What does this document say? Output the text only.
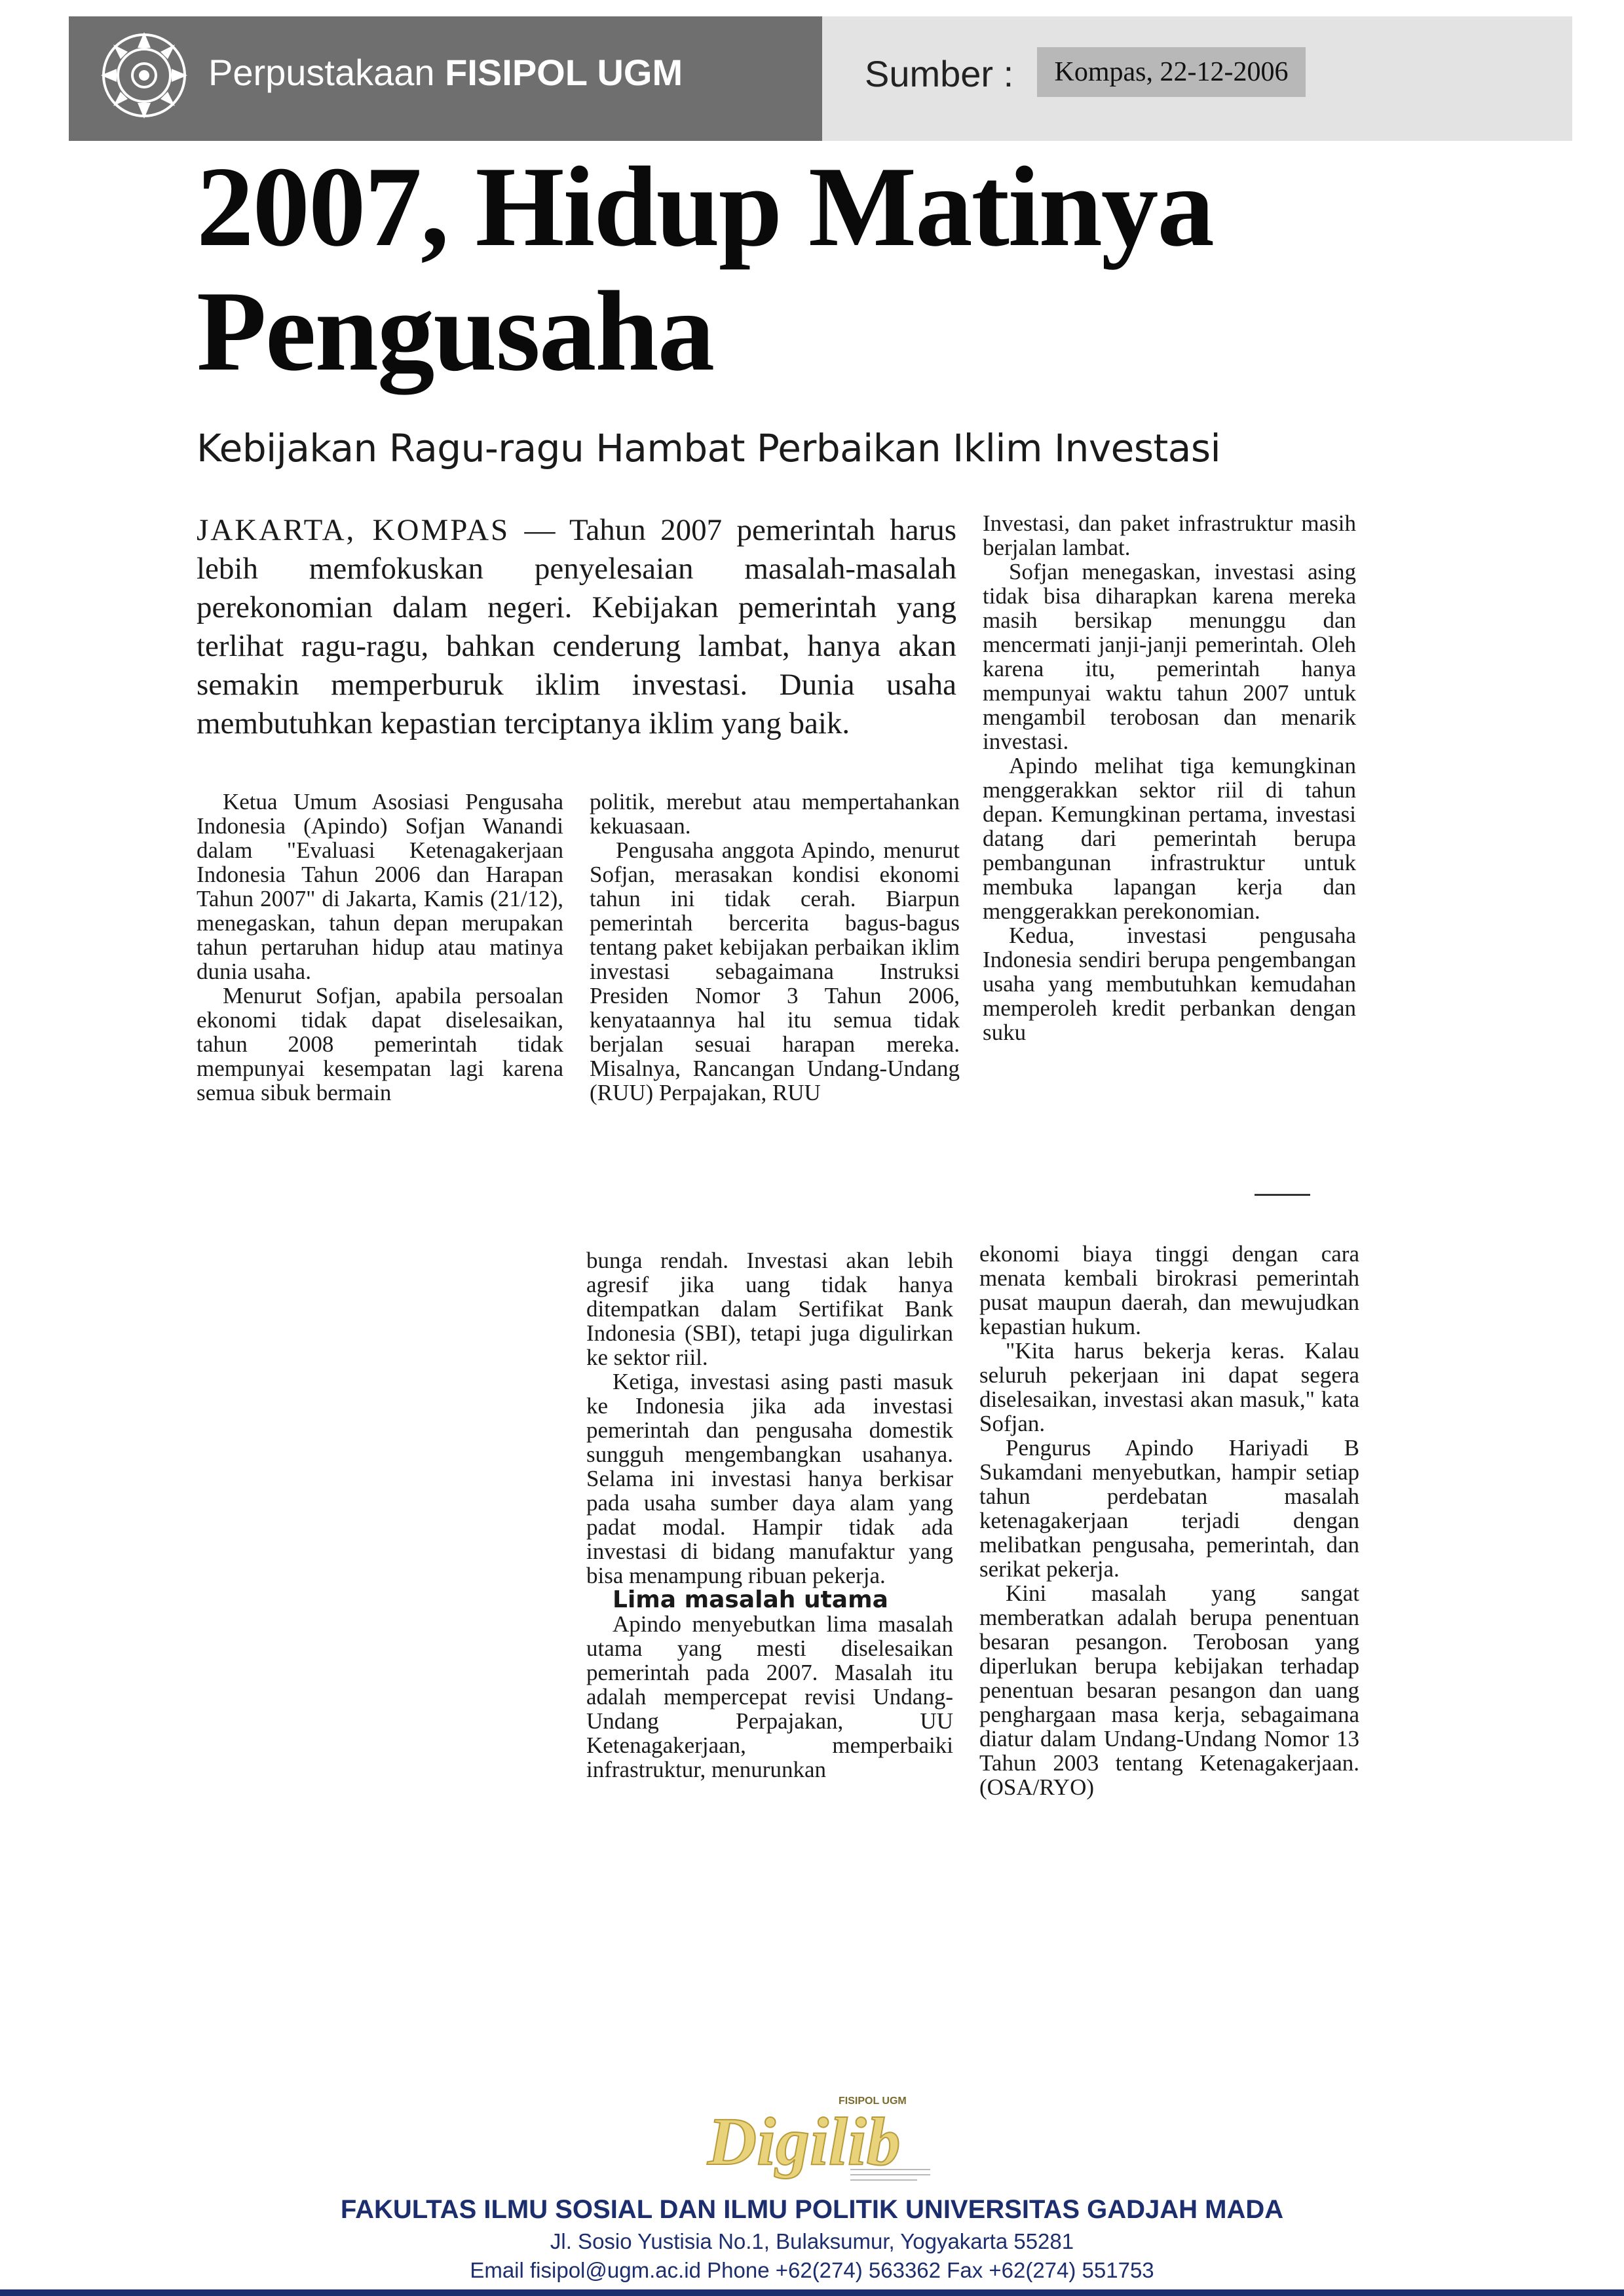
Perpustakaan FISIPOL UGM	Sumber :	Kompas, 22-12-2006
2007, Hidup Matinya
Pengusaha
Kebijakan Ragu-ragu Hambat Perbaikan Iklim Investasi
JAKARTA, KOMPAS — Tahun 2007 pemerintah harus lebih memfokuskan penyelesaian masalah-masalah perekonomian dalam negeri. Kebijakan pemerintah yang terlihat ragu-ragu, bahkan cenderung lambat, hanya akan semakin memperburuk iklim investasi. Dunia usaha membutuhkan kepastian terciptanya iklim yang baik.

Ketua Umum Asosiasi Pengusaha Indonesia (Apindo) Sofjan Wanandi dalam "Evaluasi Ketenagakerjaan Indonesia Tahun 2006 dan Harapan Tahun 2007" di Jakarta, Kamis (21/12), menegaskan, tahun depan merupakan tahun pertaruhan hidup atau matinya dunia usaha.

Menurut Sofjan, apabila persoalan ekonomi tidak dapat diselesaikan, tahun 2008 pemerintah tidak mempunyai kesempatan lagi karena semua sibuk bermain

politik, merebut atau mempertahankan kekuasaan.

Pengusaha anggota Apindo, menurut Sofjan, merasakan kondisi ekonomi tahun ini tidak cerah. Biarpun pemerintah bercerita bagus-bagus tentang paket kebijakan perbaikan iklim investasi sebagaimana Instruksi Presiden Nomor 3 Tahun 2006, kenyataannya hal itu semua tidak berjalan sesuai harapan mereka. Misalnya, Rancangan Undang-Undang (RUU) Perpajakan, RUU

Investasi, dan paket infrastruktur masih berjalan lambat.

Sofjan menegaskan, investasi asing tidak bisa diharapkan karena mereka masih bersikap menunggu dan mencermati janji-janji pemerintah. Oleh karena itu, pemerintah hanya mempunyai waktu tahun 2007 untuk mengambil terobosan dan menarik investasi.

Apindo melihat tiga kemungkinan menggerakkan sektor riil di tahun depan. Kemungkinan pertama, investasi datang dari pemerintah berupa pembangunan infrastruktur untuk membuka lapangan kerja dan menggerakkan perekonomian.

Kedua, investasi pengusaha Indonesia sendiri berupa pengembangan usaha yang membutuhkan kemudahan memperoleh kredit perbankan dengan suku

bunga rendah. Investasi akan lebih agresif jika uang tidak hanya ditempatkan dalam Sertifikat Bank Indonesia (SBI), tetapi juga digulirkan ke sektor riil.

Ketiga, investasi asing pasti masuk ke Indonesia jika ada investasi pemerintah dan pengusaha domestik sungguh mengembangkan usahanya. Selama ini investasi hanya berkisar pada usaha sumber daya alam yang padat modal. Hampir tidak ada investasi di bidang manufaktur yang bisa menampung ribuan pekerja.

Lima masalah utama

Apindo menyebutkan lima masalah utama yang mesti diselesaikan pemerintah pada 2007. Masalah itu adalah mempercepat revisi Undang-Undang Perpajakan, UU Ketenagakerjaan, memperbaiki infrastruktur, menurunkan

ekonomi biaya tinggi dengan cara menata kembali birokrasi pemerintah pusat maupun daerah, dan mewujudkan kepastian hukum.

"Kita harus bekerja keras. Kalau seluruh pekerjaan ini dapat segera diselesaikan, investasi akan masuk," kata Sofjan.

Pengurus Apindo Hariyadi B Sukamdani menyebutkan, hampir setiap tahun perdebatan masalah ketenagakerjaan terjadi dengan melibatkan pengusaha, pemerintah, dan serikat pekerja.

Kini masalah yang sangat memberatkan adalah berupa penentuan besaran pesangon. Terobosan yang diperlukan berupa kebijakan terhadap penentuan besaran pesangon dan uang penghargaan masa kerja, sebagaimana diatur dalam Undang-Undang Nomor 13 Tahun 2003 tentang Ketenagakerjaan. (OSA/RYO)

FISIPOL UGM
Digilib
FAKULTAS ILMU SOSIAL DAN ILMU POLITIK UNIVERSITAS GADJAH MADA
Jl. Sosio Yustisia No.1, Bulaksumur, Yogyakarta 55281
Email fisipol@ugm.ac.id Phone +62(274) 563362 Fax +62(274) 551753
